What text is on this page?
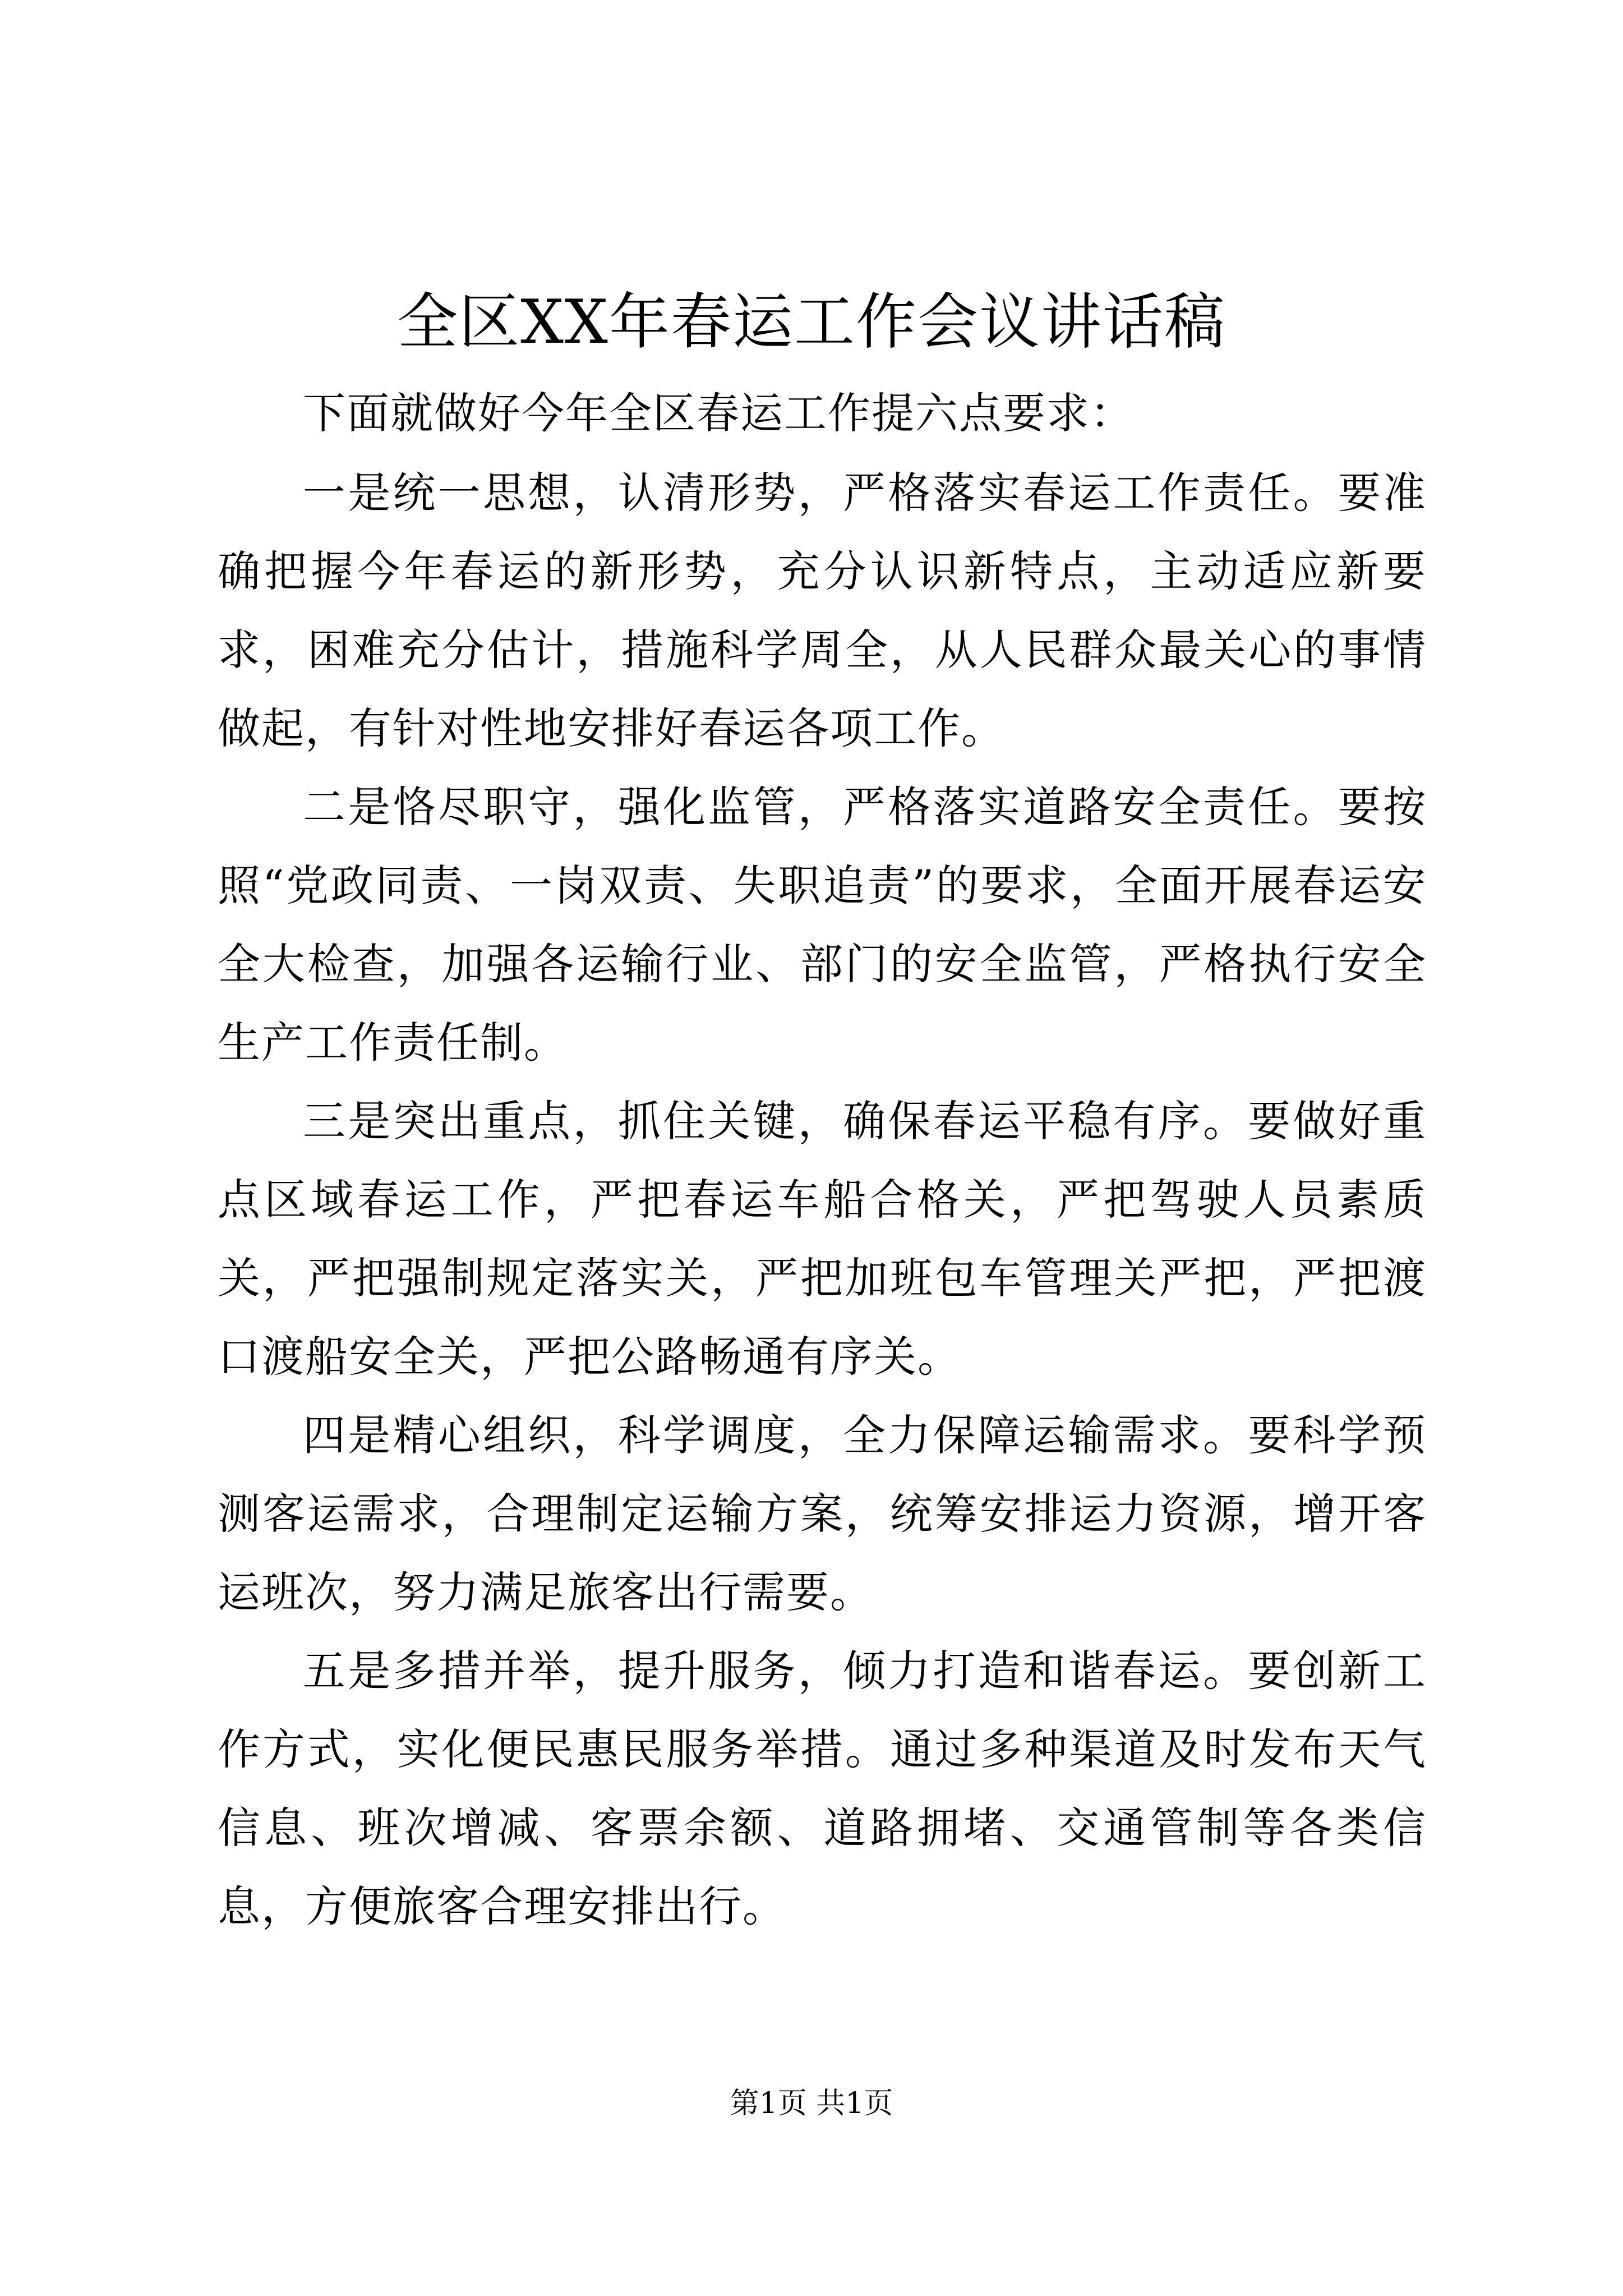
全区XX年春运工作会议讲话稿

下面就做好今年全区春运工作提六点要求：

一是统一思想，认清形势，严格落实春运工作责任。要准确把握今年春运的新形势，充分认识新特点，主动适应新要求，困难充分估计，措施科学周全，从人民群众最关心的事情做起，有针对性地安排好春运各项工作。

二是恪尽职守，强化监管，严格落实道路安全责任。要按照“党政同责、一岗双责、失职追责”的要求，全面开展春运安全大检查，加强各运输行业、部门的安全监管，严格执行安全生产工作责任制。

三是突出重点，抓住关键，确保春运平稳有序。要做好重点区域春运工作，严把春运车船合格关，严把驾驶人员素质关，严把强制规定落实关，严把加班包车管理关严把，严把渡口渡船安全关，严把公路畅通有序关。

四是精心组织，科学调度，全力保障运输需求。要科学预测客运需求，合理制定运输方案，统筹安排运力资源，增开客运班次，努力满足旅客出行需要。

五是多措并举，提升服务，倾力打造和谐春运。要创新工作方式，实化便民惠民服务举措。通过多种渠道及时发布天气信息、班次增减、客票余额、道路拥堵、交通管制等各类信息，方便旅客合理安排出行。

第1页 共1页
